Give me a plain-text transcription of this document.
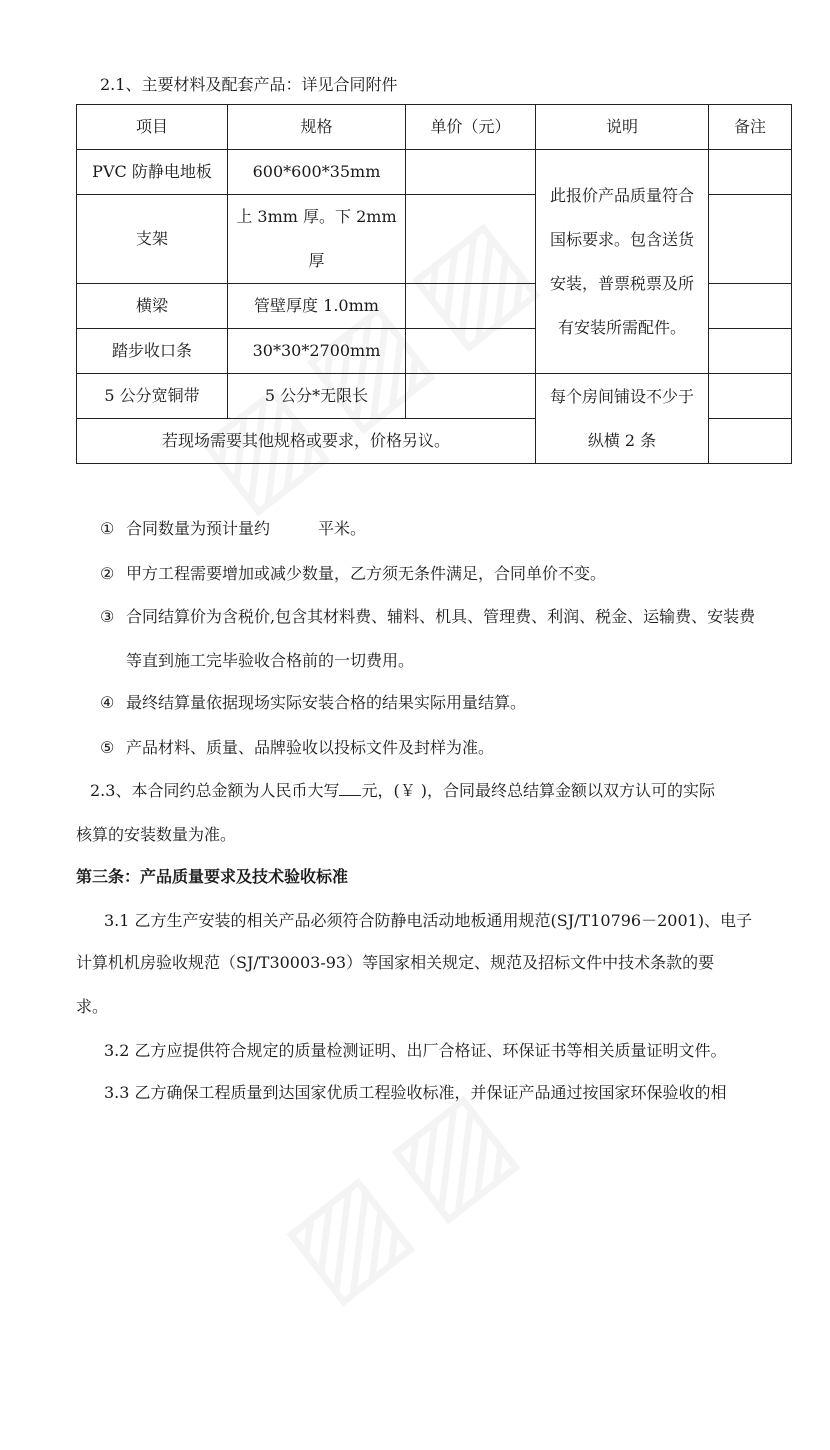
2.1、主要材料及配套产品：详见合同附件
项目	规格	单价（元）	说明	备注
PVC 防静电地板	600*600*35mm		此报价产品质量符合
国标要求。包含送货
安装，普票税票及所
有安装所需配件。	

支架	上 3mm 厚。下 2mm
厚			

横梁	管壁厚度 1.0mm			
踏步收口条	30*30*2700mm			
5 公分宽铜带	5 公分*无限长		每个房间铺设不少于
纵横 2 条	

若现场需要其他规格或要求，价格另议。				
① 合同数量为预计量约　　　平米。
② 甲方工程需要增加或减少数量，乙方须无条件满足，合同单价不变。
③ 合同结算价为含税价,包含其材料费、辅料、机具、管理费、利润、税金、运输费、安装费
等直到施工完毕验收合格前的一切费用。
④ 最终结算量依据现场实际安装合格的结果实际用量结算。
⑤ 产品材料、质量、品牌验收以投标文件及封样为准。
2.3、本合同约总金额为人民币大写 元，(￥ )，合同最终总结算金额以双方认可的实际
核算的安装数量为准。
第三条：产品质量要求及技术验收标准
3.1 乙方生产安装的相关产品必须符合防静电活动地板通用规范(SJ/T10796－2001)、电子
计算机机房验收规范（SJ/T30003-93）等国家相关规定、规范及招标文件中技术条款的要
求。
3.2 乙方应提供符合规定的质量检测证明、出厂合格证、环保证书等相关质量证明文件。
3.3 乙方确保工程质量到达国家优质工程验收标准，并保证产品通过按国家环保验收的相
